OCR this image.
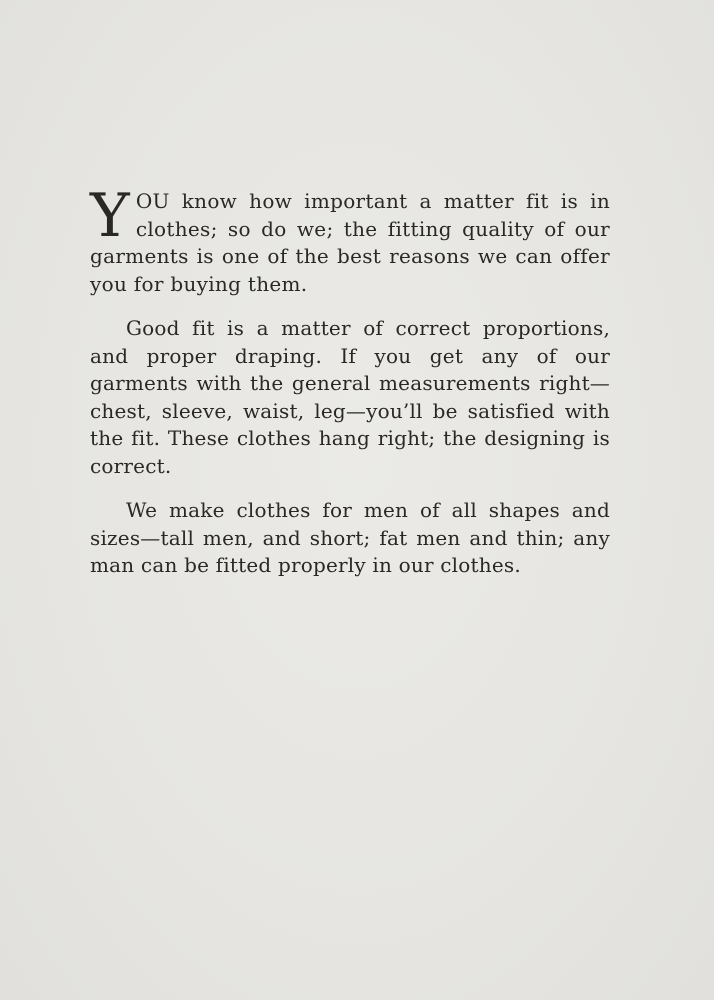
YOU know how important a matter fit is in clothes; so do we; the fitting quality of our garments is one of the best reasons we can offer you for buying them.

Good fit is a matter of correct proportions, and proper draping. If you get any of our garments with the general measurements right—chest, sleeve, waist, leg—you’ll be satisfied with the fit. These clothes hang right; the designing is correct.

We make clothes for men of all shapes and sizes—tall men, and short; fat men and thin; any man can be fitted properly in our clothes.
